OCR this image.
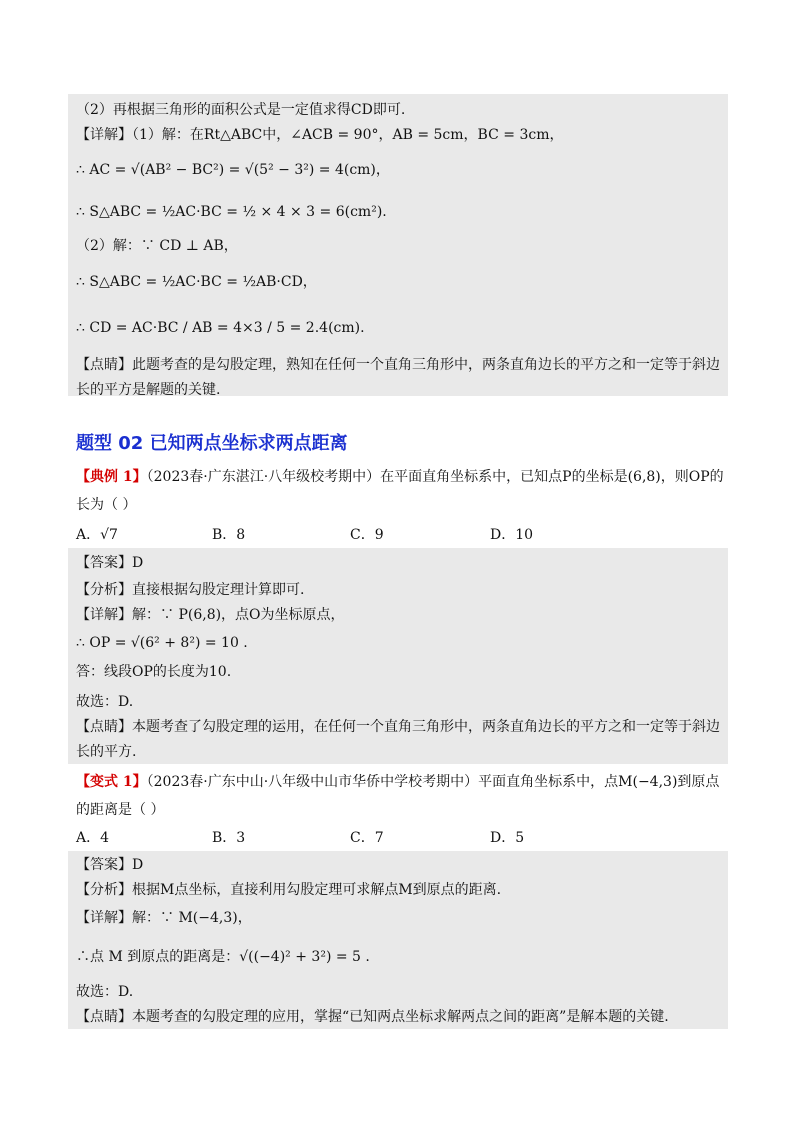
（2）再根据三角形的面积公式是一定值求得CD即可.
【详解】（1）解：在Rt△ABC中，∠ACB = 90°，AB = 5cm，BC = 3cm，
∴ AC = √(AB² − BC²) = √(5² − 3²) = 4(cm)，
∴ S△ABC = ½AC·BC = ½ × 4 × 3 = 6(cm²).
（2）解：∵ CD ⊥ AB，
∴ S△ABC = ½AC·BC = ½AB·CD，
∴ CD = AC·BC / AB = 4×3 / 5 = 2.4(cm).
【点睛】此题考查的是勾股定理，熟知在任何一个直角三角形中，两条直角边长的平方之和一定等于斜边
长的平方是解题的关键.
题型 02 已知两点坐标求两点距离
【典例 1】（2023春·广东湛江·八年级校考期中）在平面直角坐标系中，已知点P的坐标是(6,8)，则OP的
长为（ ）
A．√7	B．8	C．9	D．10
【答案】D
【分析】直接根据勾股定理计算即可.
【详解】解：∵ P(6,8)，点O为坐标原点，
∴ OP = √(6² + 8²) = 10 .
答：线段OP的长度为10.
故选：D.
【点睛】本题考查了勾股定理的运用，在任何一个直角三角形中，两条直角边长的平方之和一定等于斜边
长的平方.
【变式 1】（2023春·广东中山·八年级中山市华侨中学校考期中）平面直角坐标系中，点M(−4,3)到原点
的距离是（ ）
A．4	B．3	C．7	D．5
【答案】D
【分析】根据M点坐标，直接利用勾股定理可求解点M到原点的距离.
【详解】解：∵ M(−4,3)，
∴点 M 到原点的距离是：√((−4)² + 3²) = 5 .
故选：D.
【点睛】本题考查的勾股定理的应用，掌握“已知两点坐标求解两点之间的距离”是解本题的关键.
